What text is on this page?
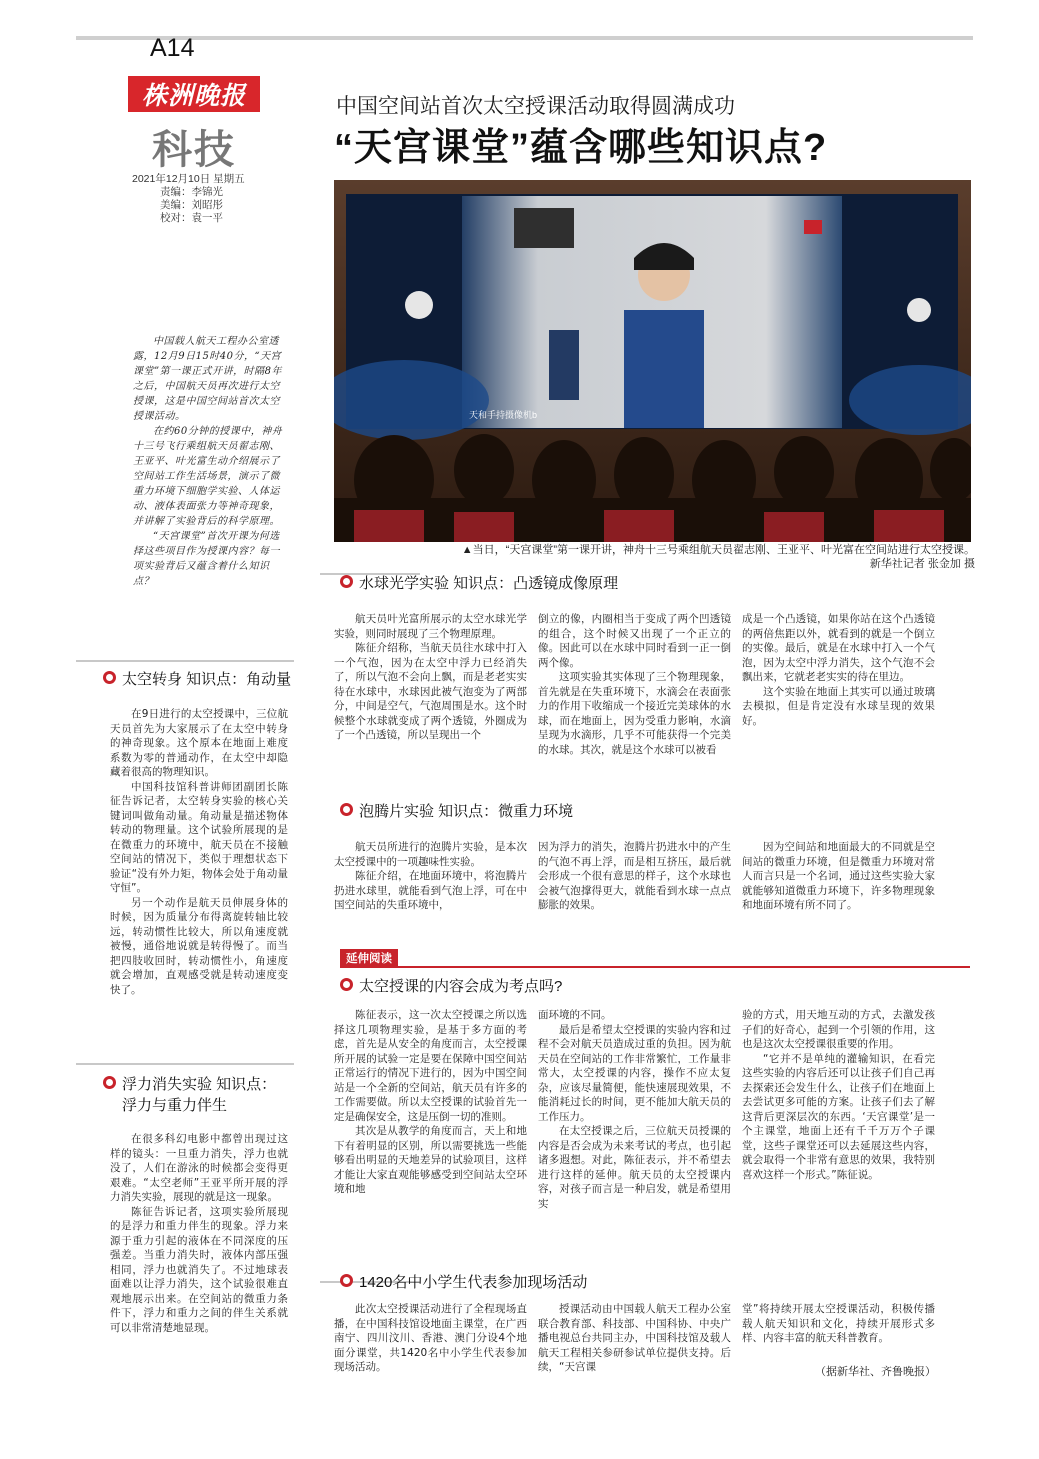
A14
株洲晚报
科技
2021年12月10日 星期五
责编：李锦光
美编：刘昭彤
校对：袁一平
中国空间站首次太空授课活动取得圆满成功
“天宫课堂”蕴含哪些知识点?
天和手持摄像机b
▲当日，“天宫课堂”第一课开讲，神舟十三号乘组航天员翟志刚、王亚平、叶光富在空间站进行太空授课。
新华社记者 张金加 摄

中国载人航天工程办公室透露，12月9日15时40分，“天宫课堂”第一课正式开讲，时隔8年之后，中国航天员再次进行太空授课，这是中国空间站首次太空授课活动。

在约60分钟的授课中，神舟十三号飞行乘组航天员翟志刚、王亚平、叶光富生动介绍展示了空间站工作生活场景，演示了微重力环境下细胞学实验、人体运动、液体表面张力等神奇现象，并讲解了实验背后的科学原理。

“天宫课堂”首次开课为何选择这些项目作为授课内容？每一项实验背后又蕴含着什么知识点？

太空转身 知识点：角动量

在9日进行的太空授课中，三位航天员首先为大家展示了在太空中转身的神奇现象。这个原本在地面上难度系数为零的普通动作，在太空中却隐藏着很高的物理知识。

中国科技馆科普讲师团副团长陈征告诉记者，太空转身实验的核心关键词叫做角动量。角动量是描述物体转动的物理量。这个试验所展现的是在微重力的环境中，航天员在不接触空间站的情况下，类似于理想状态下验证“没有外力矩，物体会处于角动量守恒”。

另一个动作是航天员伸展身体的时候，因为质量分布得离旋转轴比较远，转动惯性比较大，所以角速度就被慢，通俗地说就是转得慢了。而当把四肢收回时，转动惯性小，角速度就会增加，直观感受就是转动速度变快了。

浮力消失实验 知识点：
浮力与重力伴生

在很多科幻电影中都曾出现过这样的镜头：一旦重力消失，浮力也就没了，人们在游泳的时候都会变得更艰难。“太空老师”王亚平所开展的浮力消失实验，展现的就是这一现象。

陈征告诉记者，这项实验所展现的是浮力和重力伴生的现象。浮力来源于重力引起的液体在不同深度的压强差。当重力消失时，液体内部压强相同，浮力也就消失了。不过地球表面难以让浮力消失，这个试验很难直观地展示出来。在空间站的微重力条件下，浮力和重力之间的伴生关系就可以非常清楚地显现。

水球光学实验 知识点：凸透镜成像原理

航天员叶光富所展示的太空水球光学实验，则同时展现了三个物理原理。

陈征介绍称，当航天员往水球中打入一个气泡，因为在太空中浮力已经消失了，所以气泡不会向上飘，而是老老实实待在水球中，水球因此被气泡变为了两部分，中间是空气，气泡周围是水。这个时候整个水球就变成了两个透镜，外圈成为了一个凸透镜，所以呈现出一个

倒立的像，内圈相当于变成了两个凹透镜的组合，这个时候又出现了一个正立的像。因此可以在水球中同时看到一正一倒两个像。

这项实验其实体现了三个物理现象，首先就是在失重环境下，水滴会在表面张力的作用下收缩成一个接近完美球体的水球，而在地面上，因为受重力影响，水滴呈现为水滴形，几乎不可能获得一个完美的水球。其次，就是这个水球可以被看

成是一个凸透镜，如果你站在这个凸透镜的两倍焦距以外，就看到的就是一个倒立的实像。最后，就是在水球中打入一个气泡，因为太空中浮力消失，这个气泡不会飘出来，它就老老实实的待在里边。

这个实验在地面上其实可以通过玻璃去模拟，但是肯定没有水球呈现的效果好。

泡腾片实验 知识点：微重力环境

航天员所进行的泡腾片实验，是本次太空授课中的一项趣味性实验。

陈征介绍，在地面环境中，将泡腾片扔进水球里，就能看到气泡上浮，可在中国空间站的失重环境中，

因为浮力的消失，泡腾片扔进水中的产生的气泡不再上浮，而是相互挤压，最后就会形成一个很有意思的样子，这个水球也会被气泡撑得更大，就能看到水球一点点膨胀的效果。

因为空间站和地面最大的不同就是空间站的微重力环境，但是微重力环境对常人而言只是一个名词，通过这些实验大家就能够知道微重力环境下，许多物理现象和地面环境有所不同了。

延伸阅读
太空授课的内容会成为考点吗?

陈征表示，这一次太空授课之所以选择这几项物理实验，是基于多方面的考虑，首先是从安全的角度而言，太空授课所开展的试验一定是要在保障中国空间站正常运行的情况下进行的，因为中国空间站是一个全新的空间站，航天员有许多的工作需要做。所以太空授课的试验首先一定是确保安全，这是压倒一切的准则。

其次是从教学的角度而言，天上和地下有着明显的区别，所以需要挑选一些能够看出明显的天地差异的试验项目，这样才能让大家直观能够感受到空间站太空环境和地

面环境的不同。

最后是希望太空授课的实验内容和过程不会对航天员造成过重的负担。因为航天员在空间站的工作非常繁忙，工作量非常大，太空授课的内容，操作不应太复杂，应该尽量简便，能快速展现效果，不能消耗过长的时间，更不能加大航天员的工作压力。

在太空授课之后，三位航天员授课的内容是否会成为未来考试的考点，也引起诸多遐想。对此，陈征表示，并不希望去进行这样的延伸。航天员的太空授课内容，对孩子而言是一种启发，就是希望用实

验的方式，用天地互动的方式，去激发孩子们的好奇心，起到一个引领的作用，这也是这次太空授课很重要的作用。

“它并不是单纯的灌输知识，在看完这些实验的内容后还可以让孩子们自己再去探索还会发生什么，让孩子们在地面上去尝试更多可能的方案。让孩子们去了解这背后更深层次的东西。‘天宫课堂’是一个主课堂，地面上还有千千万万个子课堂，这些子课堂还可以去延展这些内容，就会取得一个非常有意思的效果，我特别喜欢这样一个形式。”陈征说。

1420名中小学生代表参加现场活动

此次太空授课活动进行了全程现场直播，在中国科技馆设地面主课堂，在广西南宁、四川汶川、香港、澳门分设4个地面分课堂，共1420名中小学生代表参加现场活动。

授课活动由中国载人航天工程办公室联合教育部、科技部、中国科协、中央广播电视总台共同主办，中国科技馆及载人航天工程相关参研参试单位提供支持。后续，“天宫课

堂”将持续开展太空授课活动，积极传播载人航天知识和文化，持续开展形式多样、内容丰富的航天科普教育。

（据新华社、齐鲁晚报）
